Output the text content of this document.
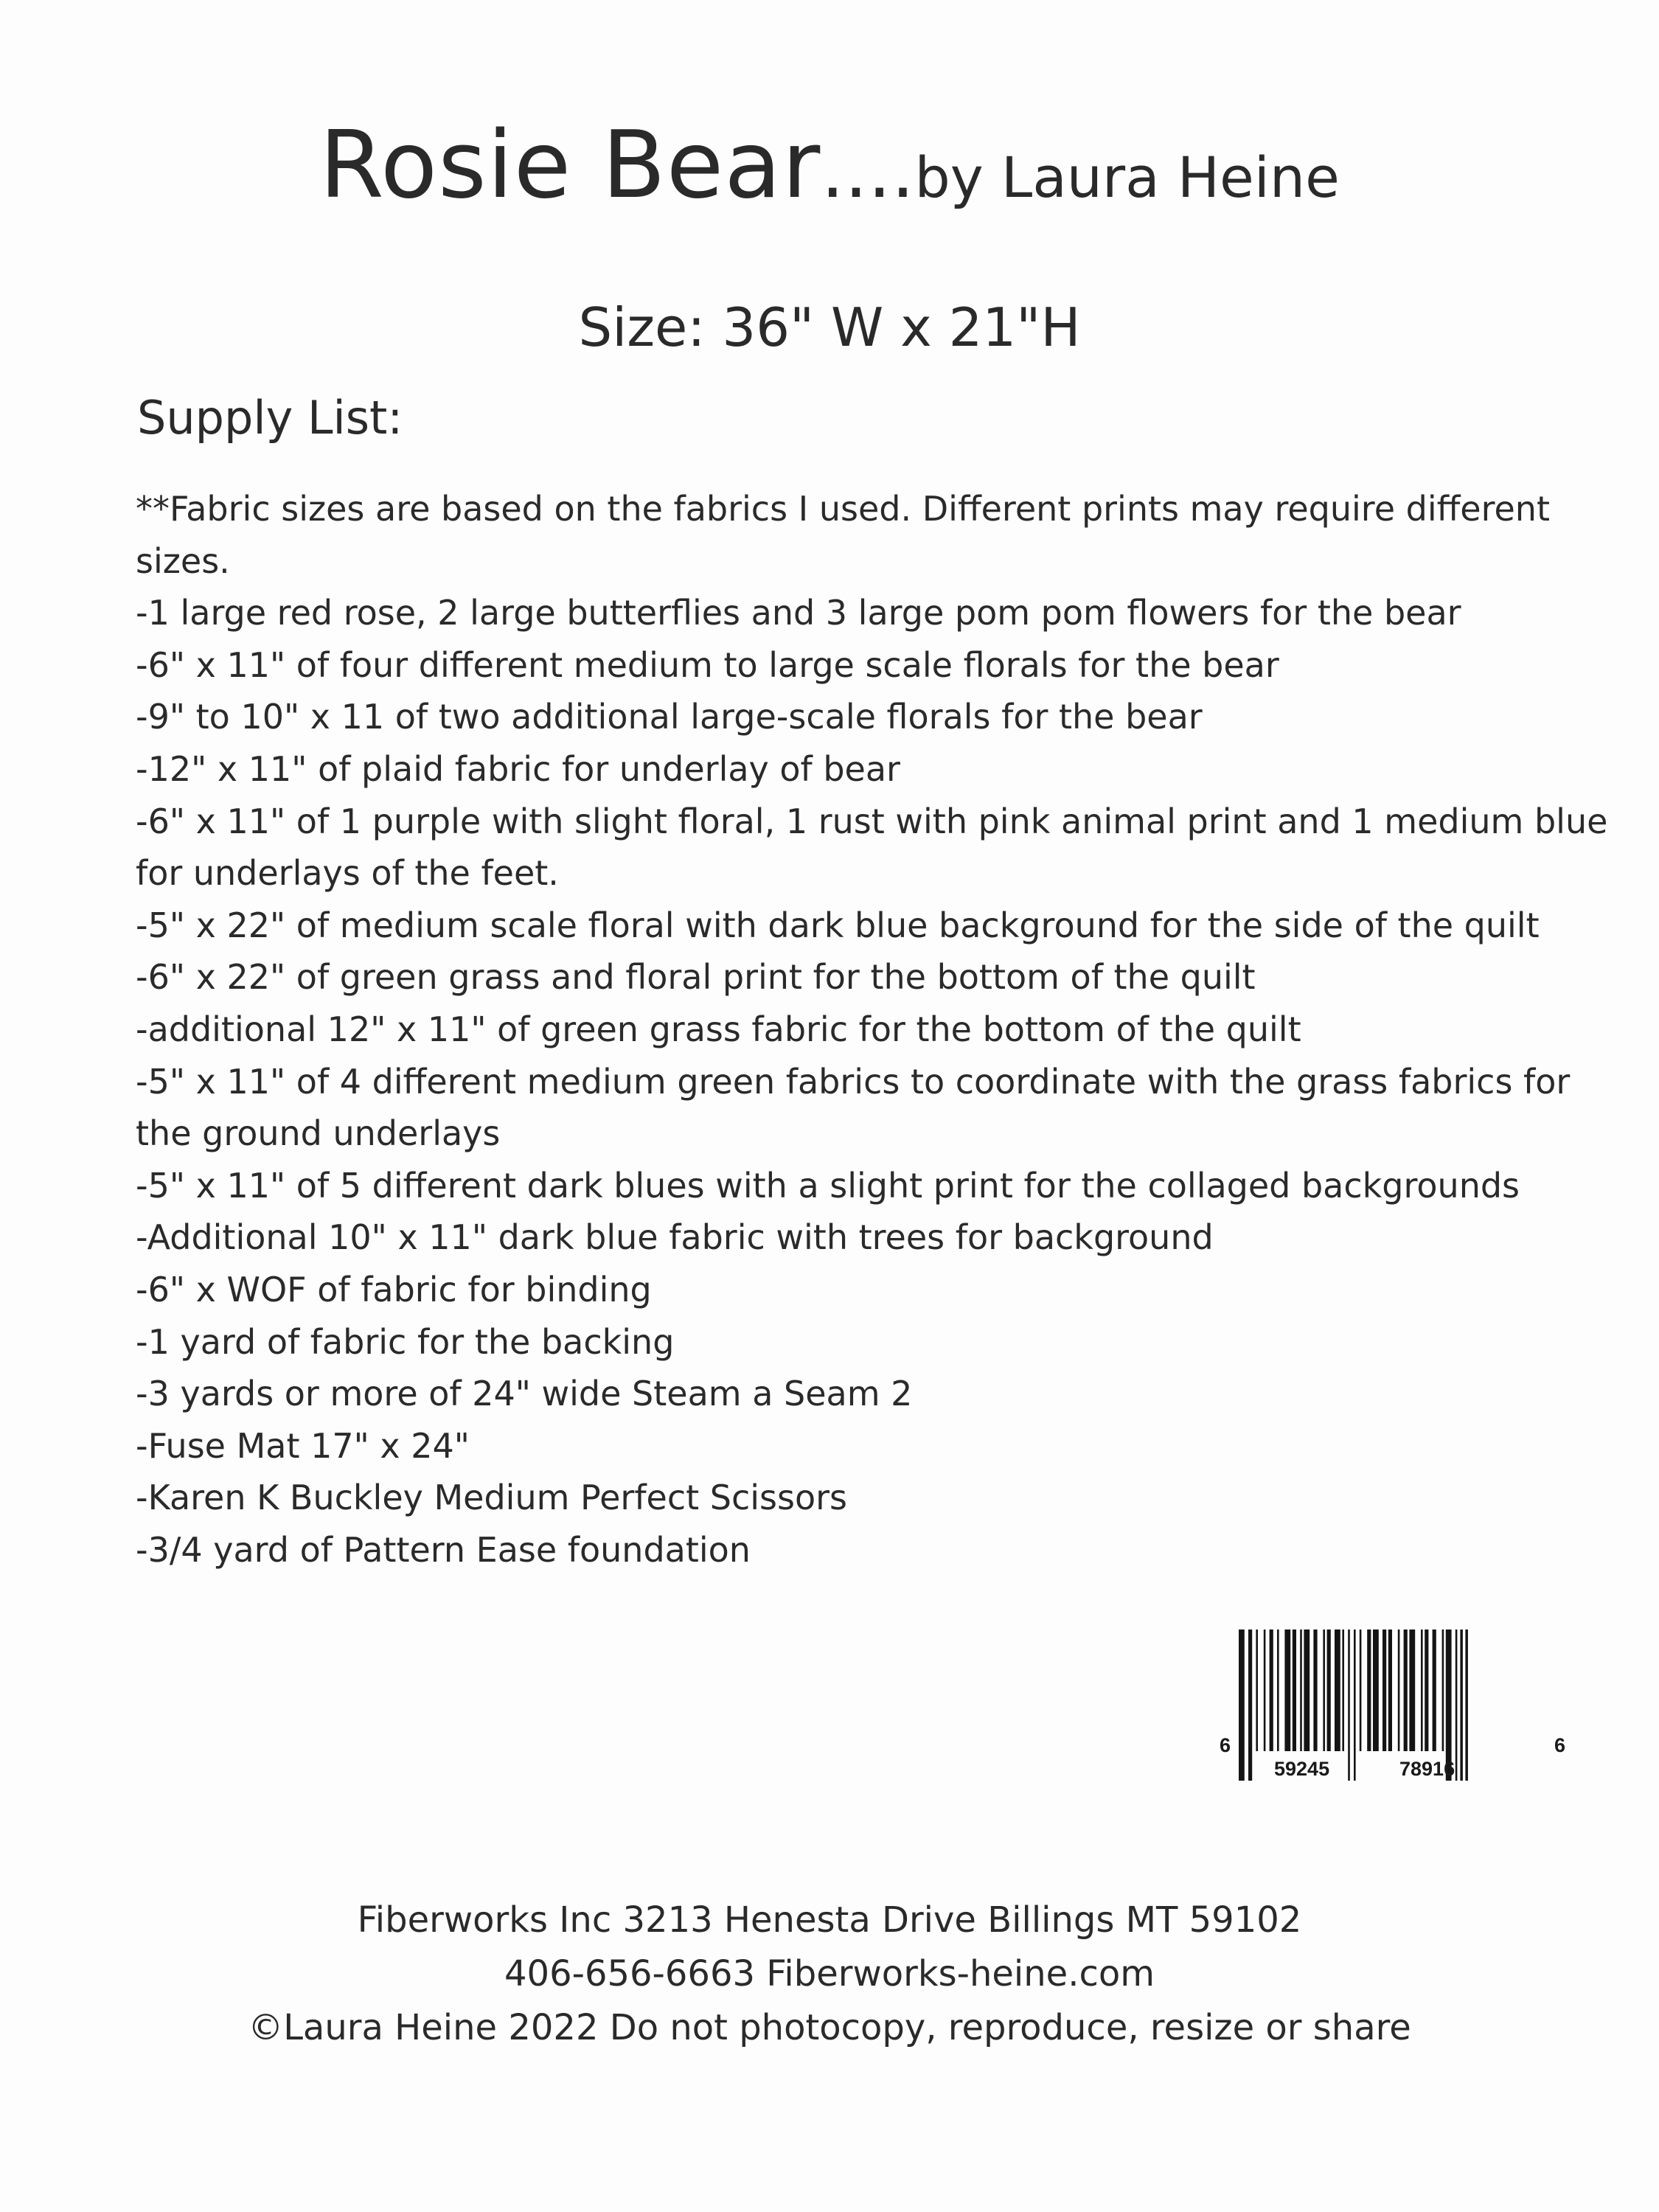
Rosie Bear....by Laura Heine
Size: 36" W x 21"H
Supply List:
**Fabric sizes are based on the fabrics I used. Different prints may require different sizes.
-1 large red rose, 2 large butterflies and 3 large pom pom flowers for the bear
-6" x 11" of four different medium to large scale florals for the bear
-9" to 10" x 11 of two additional large-scale florals for the bear
-12" x 11" of plaid fabric for underlay of bear
-6" x 11" of 1 purple with slight floral, 1 rust with pink animal print and 1 medium blue for underlays of the feet.
-5" x 22" of medium scale floral with dark blue background for the side of the quilt
-6" x 22" of green grass and floral print for the bottom of the quilt
-additional 12" x 11" of green grass fabric for the bottom of the quilt
-5" x 11" of 4 different medium green fabrics to coordinate with the grass fabrics for the ground underlays
-5" x 11" of 5 different dark blues with a slight print for the collaged backgrounds
-Additional 10" x 11" dark blue fabric with trees for background
-6" x WOF of fabric for binding
-1 yard of fabric for the backing
-3 yards or more of 24" wide Steam a Seam 2
-Fuse Mat 17" x 24"
-Karen K Buckley Medium Perfect Scissors
-3/4 yard of Pattern Ease foundation
6
59245	78916
6
Fiberworks Inc 3213 Henesta Drive Billings MT 59102
406-656-6663 Fiberworks-heine.com
©Laura Heine 2022 Do not photocopy, reproduce, resize or share
